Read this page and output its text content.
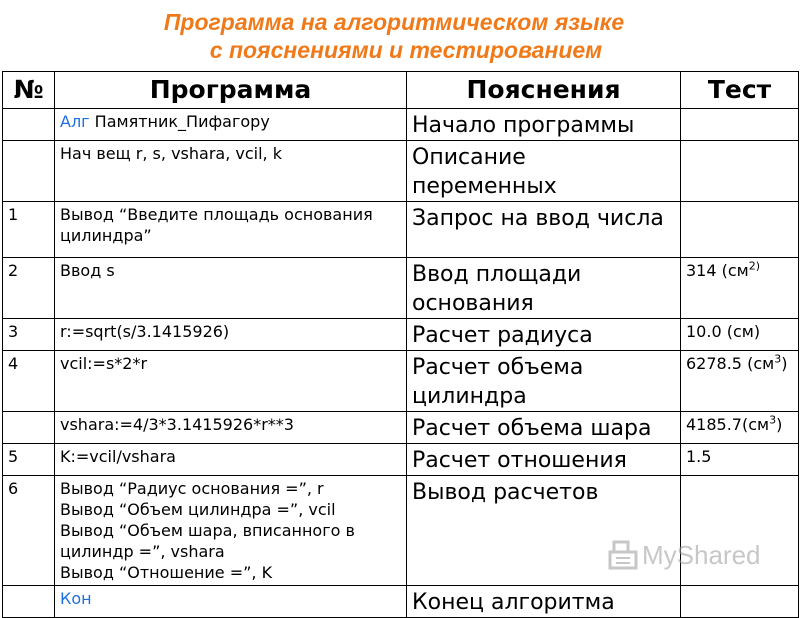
Программа на алгоритмическом языке
с пояснениями и тестированием
№	Программа	Пояснения	Тест
	Алг Памятник_Пифагору	Начало программы	
	Нач вещ r, s, vshara, vcil, k	Описание переменных	
1	Вывод “Введите площадь основания цилиндра”	Запрос на ввод числа	
2	Ввод s	Ввод площади основания	314 ($см^{2)}$
3	r:=sqrt(s/3.1415926)	Расчет радиуса	10.0 (см)
4	vcil:=s*2*r	Расчет объема цилиндра	6278.5 $(см^3)$
	vshara:=4/3*3.1415926*r**3	Расчет объема шара	$4185.7(см^3)$
5	K:=vcil/vshara	Расчет отношения	1.5
6	Вывод “Радиус основания =”, r
Вывод “Объем цилиндра =”, vcil
Вывод “Объем шара, вписанного в
цилиндр =”, vshara
Вывод “Отношение =”, K	Вывод расчетов	
	Кон	Конец алгоритма	
MyShared
